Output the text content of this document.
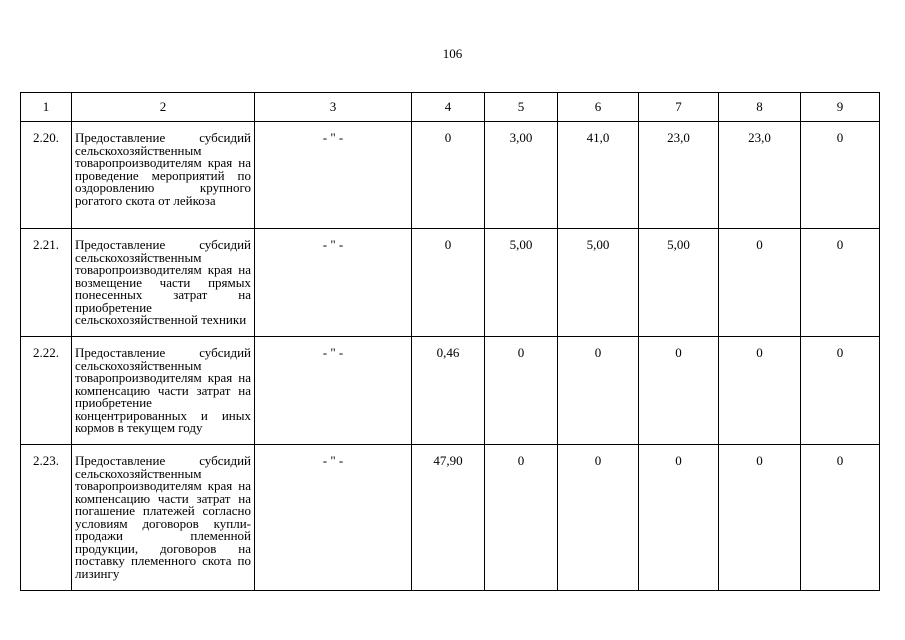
106
1	2	3	4	5	6	7	8	9
2.20.	Предоставление субсидий сельскохозяйственным товаропроизводителям края на проведение мероприятий по оздоровлению крупного рогатого скота от лейкоза	- " -	0	3,00	41,0	23,0	23,0	0
2.21.	Предоставление субсидий сельскохозяйственным товаропроизводителям края на возмещение части прямых понесенных затрат на приобретение сельскохозяйственной техники	- " -	0	5,00	5,00	5,00	0	0
2.22.	Предоставление субсидий сельскохозяйственным товаропроизводителям края на компенсацию части затрат на приобретение концентрированных и иных кормов в текущем году	- " -	0,46	0	0	0	0	0
2.23.	Предоставление субсидий сельскохозяйственным товаропроизводителям края на компенсацию части затрат на погашение платежей согласно условиям договоров купли-продажи племенной продукции, договоров на поставку племенного скота по лизингу	- " -	47,90	0	0	0	0	0
